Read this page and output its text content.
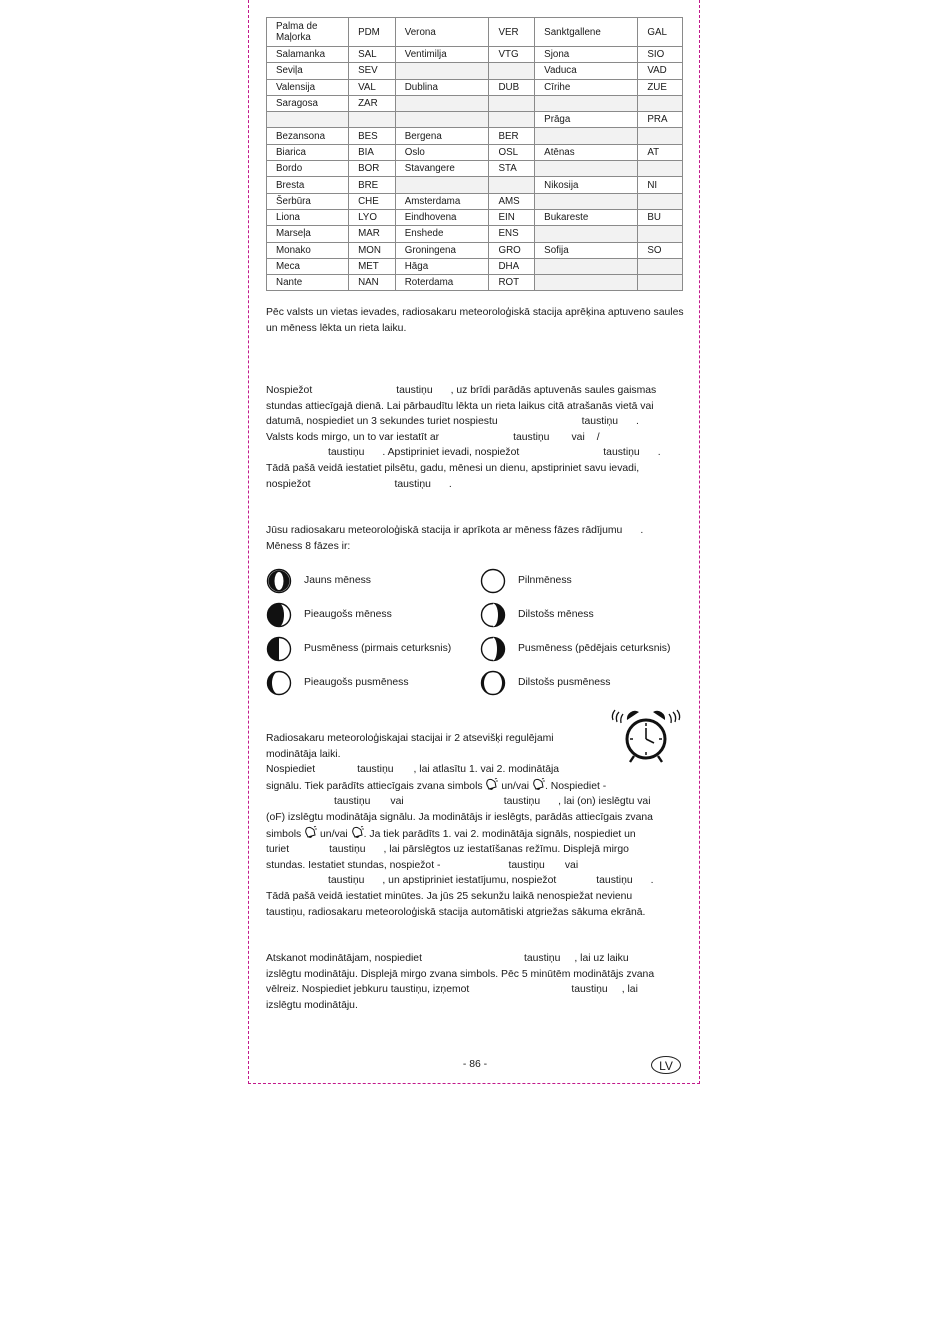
Palma de Maļorka	PDM	Verona	VER	Sanktgallene	GAL
Salamanka	SAL	Ventimilja	VTG	Sjona	SIO
Seviļa	SEV			Vaduca	VAD
Valensija	VAL	Dublina	DUB	Cīrihe	ZUE
Saragosa	ZAR				
				Prāga	PRA
Bezansona	BES	Bergena	BER		
Biarica	BIA	Oslo	OSL	Atēnas	AT
Bordo	BOR	Stavangere	STA		
Bresta	BRE			Nikosija	NI
Šerbūra	CHE	Amsterdama	AMS		
Liona	LYO	Eindhovena	EIN	Bukareste	BU
Marseļa	MAR	Enshede	ENS		
Monako	MON	Groningena	GRO	Sofija	SO
Meca	MET	Hāga	DHA		
Nante	NAN	Roterdama	ROT		

Pēc valsts un vietas ievades, radiosakaru meteoroloģiskā stacija aprēķina aptuveno saules un mēness lēkta un rieta laiku.

Nospiežot	taustiņu , uz brīdi parādās aptuvenās saules gaismas
stundas attiecīgajā dienā. Lai pārbaudītu lēkta un rieta laikus citā atrašanās vietā vai
datumā, nospiediet un 3 sekundes turiet nospiestu	taustiņu .
Valsts kods mirgo, un to var iestatīt ar	taustiņu vai /
taustiņu . Apstipriniet ievadi, nospiežot	taustiņu .
Tādā pašā veidā iestatiet pilsētu, gadu, mēnesi un dienu, apstipriniet savu ievadi,
nospiežot	taustiņu .

Jūsu radiosakaru meteoroloģiskā stacija ir aprīkota ar mēness fāzes rādījumu .
Mēness 8 fāzes ir:

Jauns mēness	Pilnmēness
Pieaugošs mēness	Dilstošs mēness
Pusmēness (pirmais ceturksnis)	Pusmēness (pēdējais ceturksnis)
Pieaugošs pusmēness	Dilstošs pusmēness

Radiosakaru meteoroloģiskajai stacijai ir 2 atsevišķi regulējami
modinātāja laiki.
Nospiediet	taustiņu , lai atlasītu 1. vai 2. modinātāja
signālu. Tiek parādīts attiecīgais zvana simbols un/vai . Nospiediet -
taustiņu vai	taustiņu , lai (on) ieslēgtu vai
(oF) izslēgtu modinātāja signālu. Ja modinātājs ir ieslēgts, parādās attiecīgais zvana
simbols un/vai . Ja tiek parādīts 1. vai 2. modinātāja signāls, nospiediet un
turiet	taustiņu , lai pārslēgtos uz iestatīšanas režīmu. Displejā mirgo
stundas. Iestatiet stundas, nospiežot -	taustiņu vai
taustiņu , un apstipriniet iestatījumu, nospiežot	taustiņu .
Tādā pašā veidā iestatiet minūtes. Ja jūs 25 sekunžu laikā nenospiežat nevienu
taustiņu, radiosakaru meteoroloģiskā stacija automātiski atgriežas sākuma ekrānā.

Atskanot modinātājam, nospiediet	taustiņu , lai uz laiku
izslēgtu modinātāju. Displejā mirgo zvana simbols. Pēc 5 minūtēm modinātājs zvana
vēlreiz. Nospiediet jebkuru taustiņu, izņemot	taustiņu , lai
izslēgtu modinātāju.

- 86 -	LV
